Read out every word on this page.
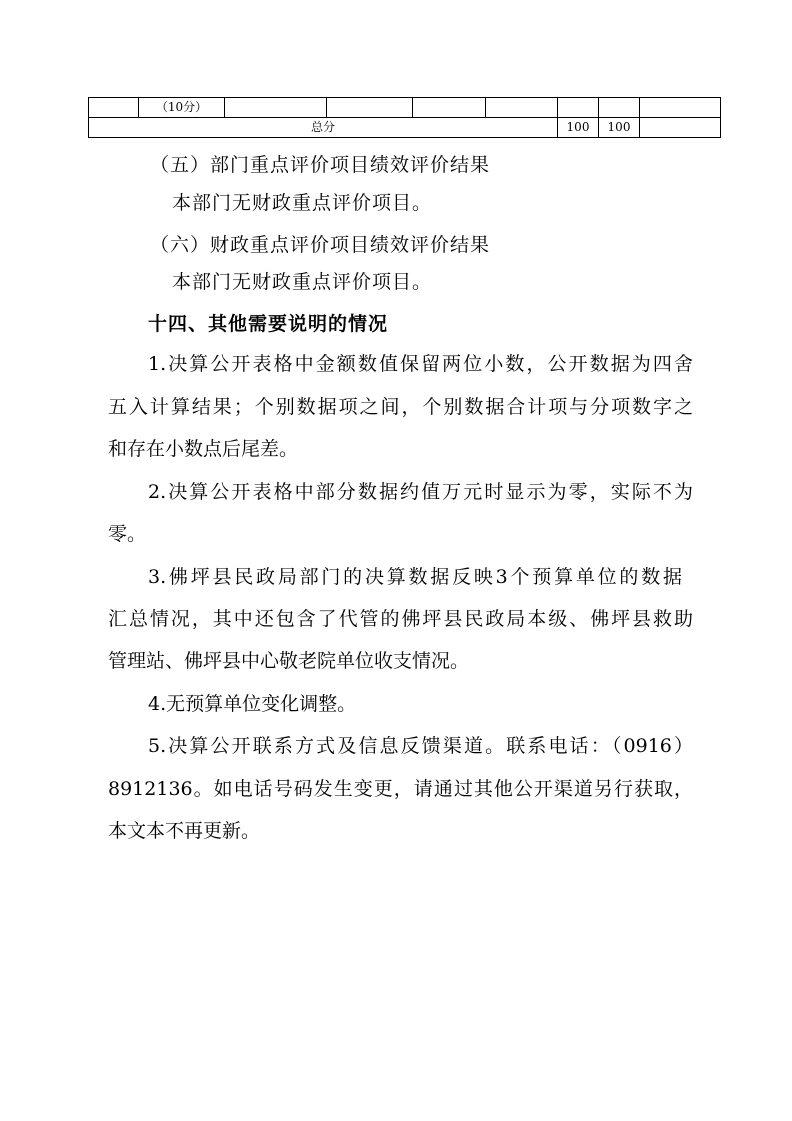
	（10分）							
总分						100	100	
（五）部门重点评价项目绩效评价结果
本部门无财政重点评价项目。
（六）财政重点评价项目绩效评价结果
本部门无财政重点评价项目。
十四、其他需要说明的情况
1.决算公开表格中金额数值保留两位小数，公开数据为四舍
五入计算结果；个别数据项之间，个别数据合计项与分项数字之
和存在小数点后尾差。
2.决算公开表格中部分数据约值万元时显示为零，实际不为
零。
3.佛坪县民政局部门的决算数据反映3个预算单位的数据
汇总情况，其中还包含了代管的佛坪县民政局本级、佛坪县救助
管理站、佛坪县中心敬老院单位收支情况。
4.无预算单位变化调整。
5.决算公开联系方式及信息反馈渠道。联系电话：（0916）
8912136。如电话号码发生变更，请通过其他公开渠道另行获取，
本文本不再更新。
